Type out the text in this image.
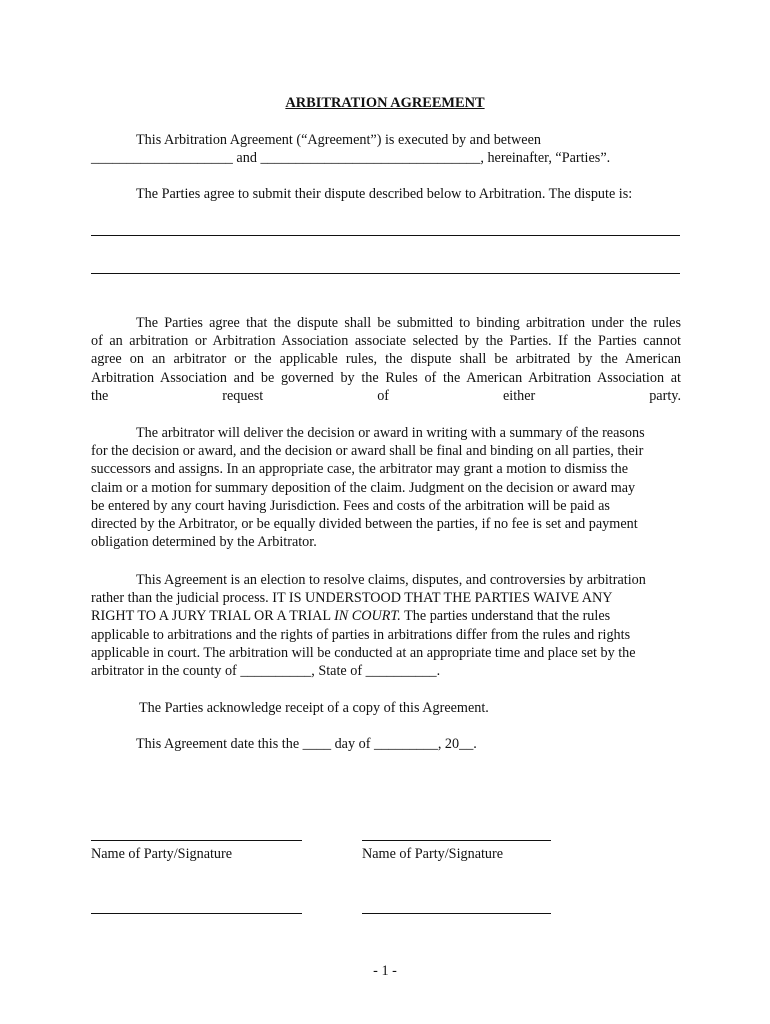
ARBITRATION AGREEMENT
This Arbitration Agreement (“Agreement”) is executed by and between
____________________ and _______________________________, hereinafter, “Parties”.
The Parties agree to submit their dispute described below to Arbitration. The dispute is:
The Parties agree that the dispute shall be submitted to binding arbitration under the rules
of an arbitration or Arbitration Association associate selected by the Parties. If the Parties cannot
agree on an arbitrator or the applicable rules, the dispute shall be arbitrated by the American
Arbitration Association and be governed by the Rules of the American Arbitration Association at
the request of either party.
The arbitrator will deliver the decision or award in writing with a summary of the reasons
for the decision or award, and the decision or award shall be final and binding on all parties, their
successors and assigns. In an appropriate case, the arbitrator may grant a motion to dismiss the
claim or a motion for summary deposition of the claim. Judgment on the decision or award may
be entered by any court having Jurisdiction. Fees and costs of the arbitration will be paid as
directed by the Arbitrator, or be equally divided between the parties, if no fee is set and payment
obligation determined by the Arbitrator.
This Agreement is an election to resolve claims, disputes, and controversies by arbitration
rather than the judicial process. IT IS UNDERSTOOD THAT THE PARTIES WAIVE ANY
RIGHT TO A JURY TRIAL OR A TRIAL IN COURT. The parties understand that the rules
applicable to arbitrations and the rights of parties in arbitrations differ from the rules and rights
applicable in court. The arbitration will be conducted at an appropriate time and place set by the
arbitrator in the county of __________, State of __________.
The Parties acknowledge receipt of a copy of this Agreement.
This Agreement date this the ____ day of _________, 20__.
Name of Party/Signature	Name of Party/Signature
- 1 -
